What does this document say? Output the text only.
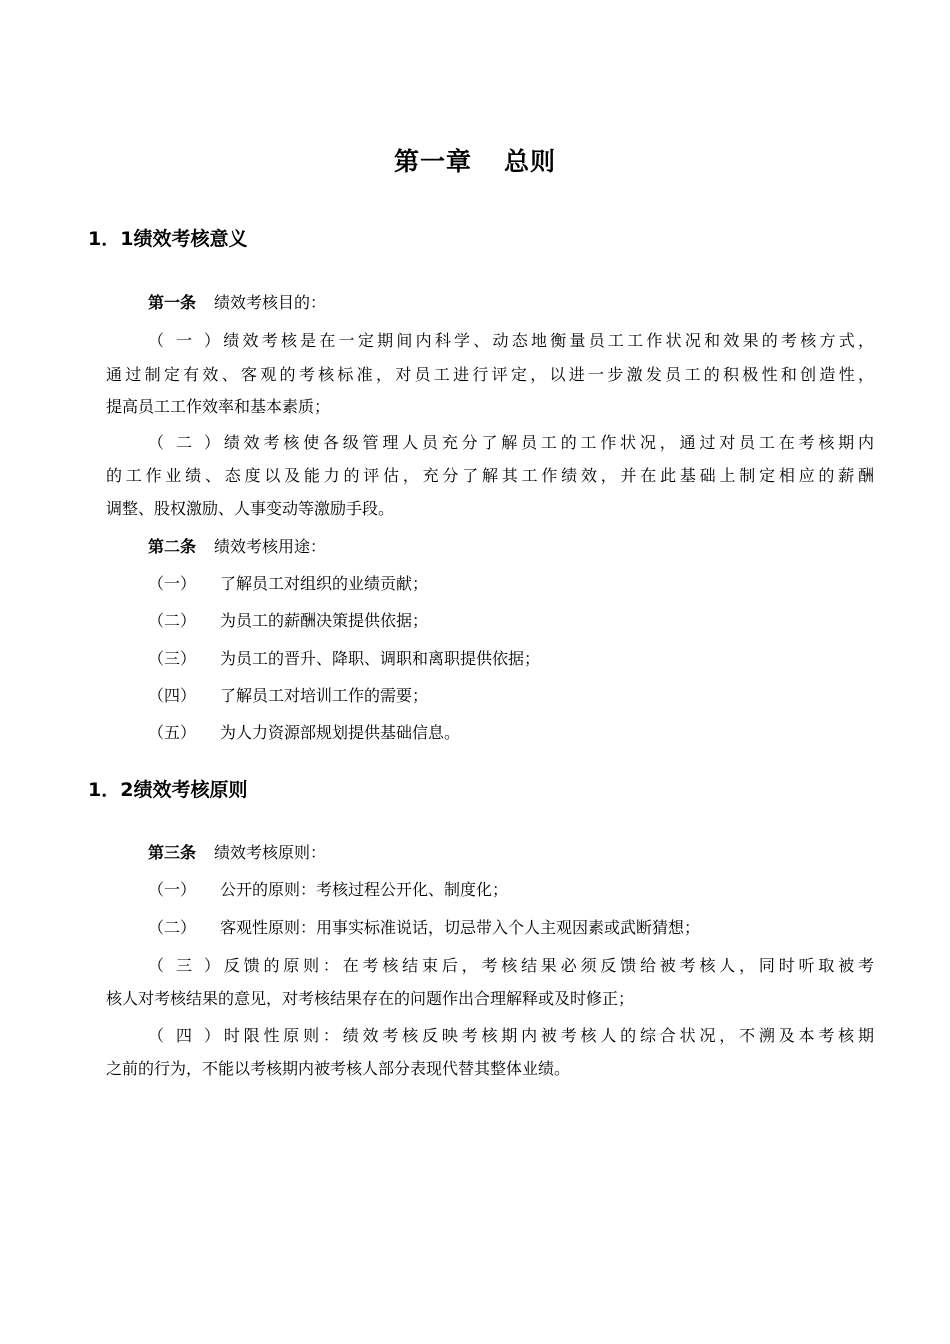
第一章 总则
1．1绩效考核意义
第一条 绩效考核目的：
（一）绩效考核是在一定期间内科学、动态地衡量员工工作状况和效果的考核方式，
通过制定有效、客观的考核标准，对员工进行评定，以进一步激发员工的积极性和创造性，
提高员工工作效率和基本素质；
（二）绩效考核使各级管理人员充分了解员工的工作状况，通过对员工在考核期内
的工作业绩、态度以及能力的评估，充分了解其工作绩效，并在此基础上制定相应的薪酬
调整、股权激励、人事变动等激励手段。
第二条 绩效考核用途：
（一） 了解员工对组织的业绩贡献；
（二） 为员工的薪酬决策提供依据；
（三） 为员工的晋升、降职、调职和离职提供依据；
（四） 了解员工对培训工作的需要；
（五） 为人力资源部规划提供基础信息。
1．2绩效考核原则
第三条 绩效考核原则：
（一） 公开的原则：考核过程公开化、制度化；
（二） 客观性原则：用事实标准说话，切忌带入个人主观因素或武断猜想；
（三）反馈的原则：在考核结束后，考核结果必须反馈给被考核人，同时听取被考
核人对考核结果的意见，对考核结果存在的问题作出合理解释或及时修正；
（四）时限性原则：绩效考核反映考核期内被考核人的综合状况，不溯及本考核期
之前的行为，不能以考核期内被考核人部分表现代替其整体业绩。
